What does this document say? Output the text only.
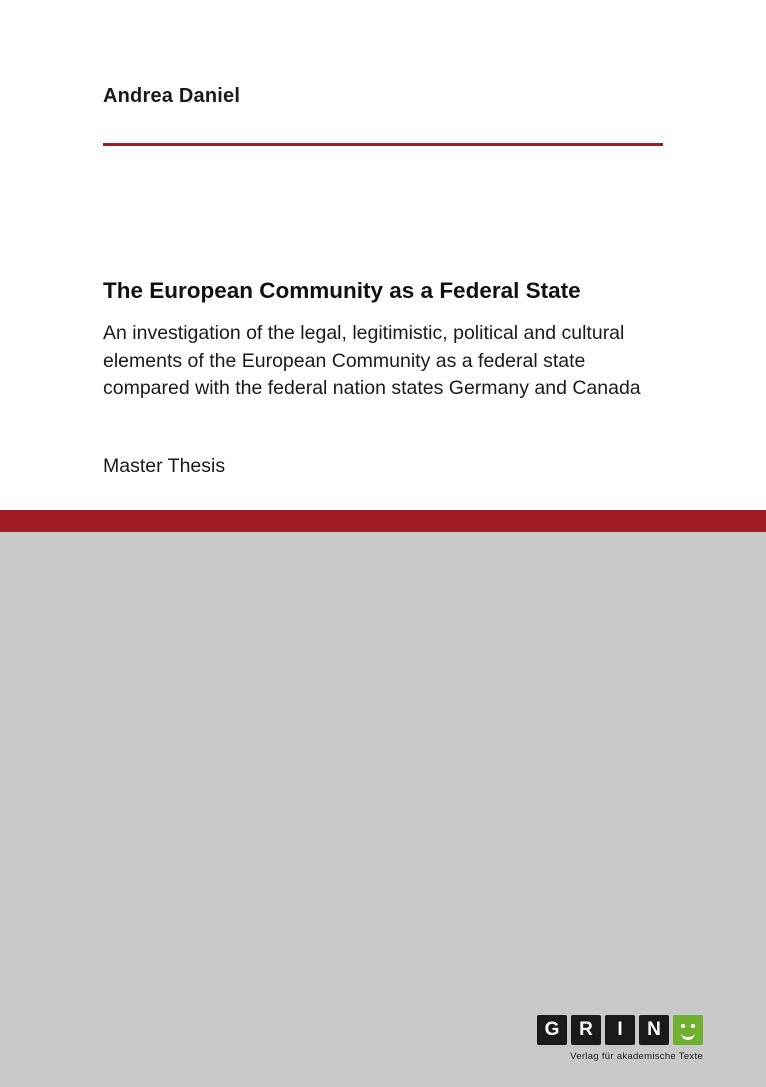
Andrea Daniel
The European Community as a Federal State
An investigation of the legal, legitimistic, political and cultural elements of the European Community as a federal state compared with the federal nation states Germany and Canada
Master Thesis
G	R	I	N
Verlag für akademische Texte
